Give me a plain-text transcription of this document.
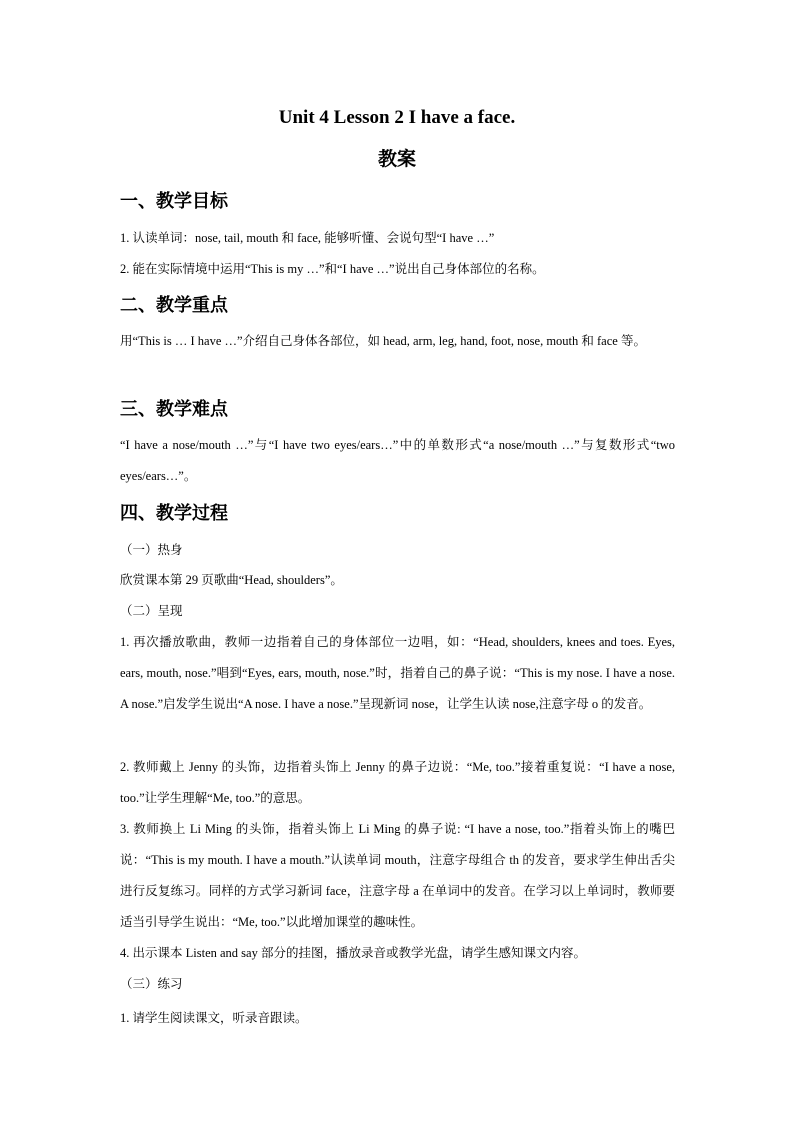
Unit 4 Lesson 2 I have a face.
教案
一、教学目标
1. 认读单词：nose, tail, mouth 和 face, 能够听懂、会说句型“I have …”
2. 能在实际情境中运用“This is my …”和“I have …”说出自己身体部位的名称。
二、教学重点
用“This is … I have …”介绍自己身体各部位，如 head, arm, leg, hand, foot, nose, mouth 和 face 等。
三、教学难点
“I have a nose/mouth …”与“I have two eyes/ears…”中的单数形式“a nose/mouth …”与复数形式“two eyes/ears…”。
四、教学过程
（一）热身
欣赏课本第 29 页歌曲“Head, shoulders”。
（二）呈现
1. 再次播放歌曲，教师一边指着自己的身体部位一边唱，如：“Head, shoulders, knees and toes. Eyes, ears, mouth, nose.”唱到“Eyes, ears, mouth, nose.”时，指着自己的鼻子说：“This is my nose. I have a nose. A nose.”启发学生说出“A nose. I have a nose.”呈现新词 nose，让学生认读 nose,注意字母 o 的发音。
2. 教师戴上 Jenny 的头饰，边指着头饰上 Jenny 的鼻子边说：“Me, too.”接着重复说：“I have a nose, too.”让学生理解“Me, too.”的意思。
3. 教师换上 Li Ming 的头饰，指着头饰上 Li Ming 的鼻子说: “I have a nose, too.”指着头饰上的嘴巴说：“This is my mouth. I have a mouth.”认读单词 mouth，注意字母组合 th 的发音，要求学生伸出舌尖进行反复练习。同样的方式学习新词 face，注意字母 a 在单词中的发音。在学习以上单词时，教师要适当引导学生说出：“Me, too.”以此增加课堂的趣味性。
4. 出示课本 Listen and say 部分的挂图，播放录音或教学光盘，请学生感知课文内容。
（三）练习
1. 请学生阅读课文，听录音跟读。
